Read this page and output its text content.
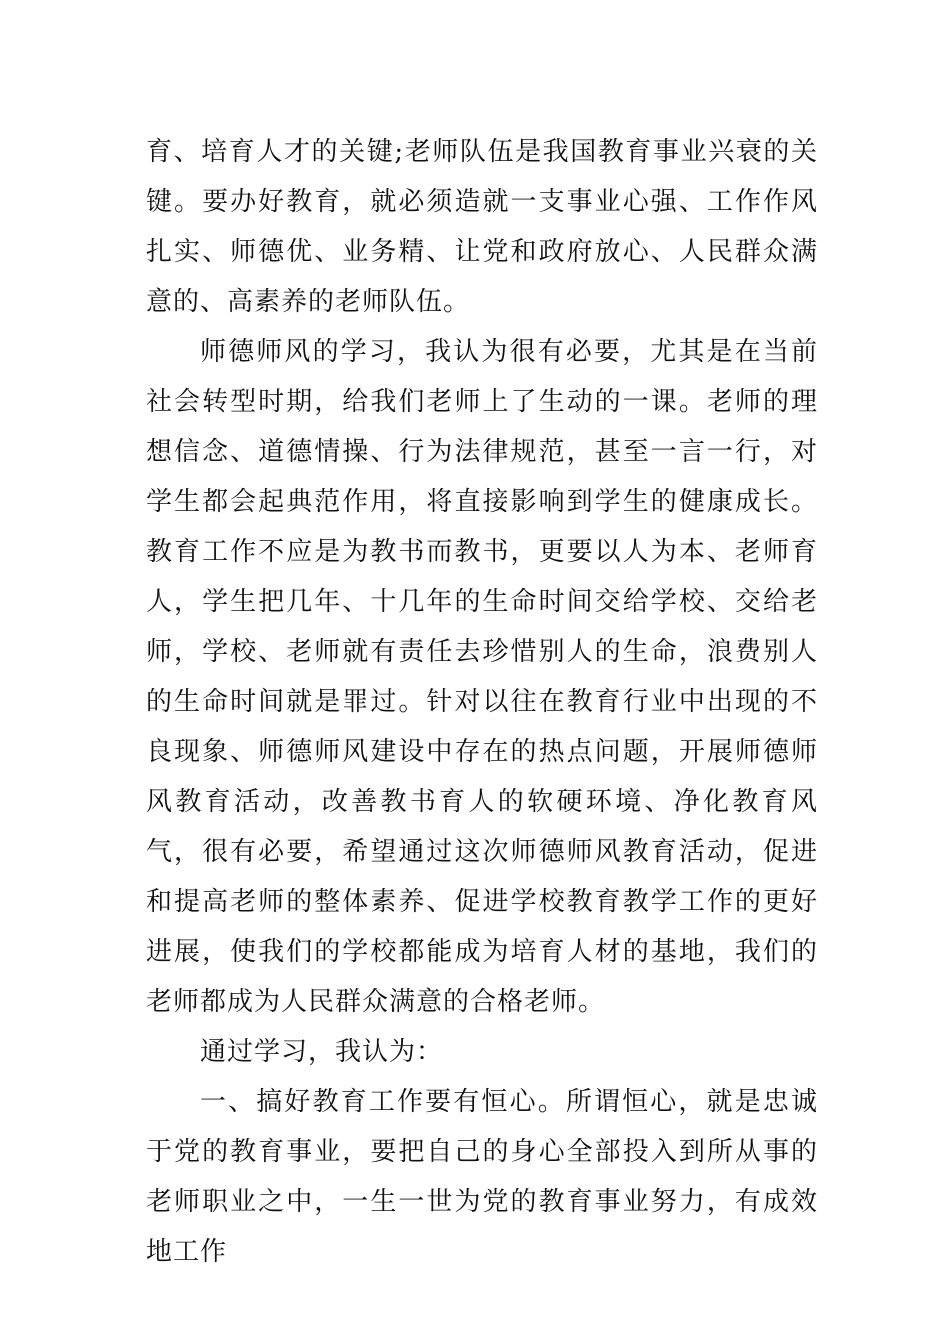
育、培育人才的关键;老师队伍是我国教育事业兴衰的关键。要办好教育，就必须造就一支事业心强、工作作风扎实、师德优、业务精、让党和政府放心、人民群众满意的、高素养的老师队伍。

师德师风的学习，我认为很有必要，尤其是在当前社会转型时期，给我们老师上了生动的一课。老师的理想信念、道德情操、行为法律规范，甚至一言一行，对学生都会起典范作用，将直接影响到学生的健康成长。教育工作不应是为教书而教书，更要以人为本、老师育人，学生把几年、十几年的生命时间交给学校、交给老师，学校、老师就有责任去珍惜别人的生命，浪费别人的生命时间就是罪过。针对以往在教育行业中出现的不良现象、师德师风建设中存在的热点问题，开展师德师风教育活动，改善教书育人的软硬环境、净化教育风气，很有必要，希望通过这次师德师风教育活动，促进和提高老师的整体素养、促进学校教育教学工作的更好进展，使我们的学校都能成为培育人材的基地，我们的老师都成为人民群众满意的合格老师。

通过学习，我认为：

一、搞好教育工作要有恒心。所谓恒心，就是忠诚于党的教育事业，要把自己的身心全部投入到所从事的老师职业之中，一生一世为党的教育事业努力，有成效地工作
